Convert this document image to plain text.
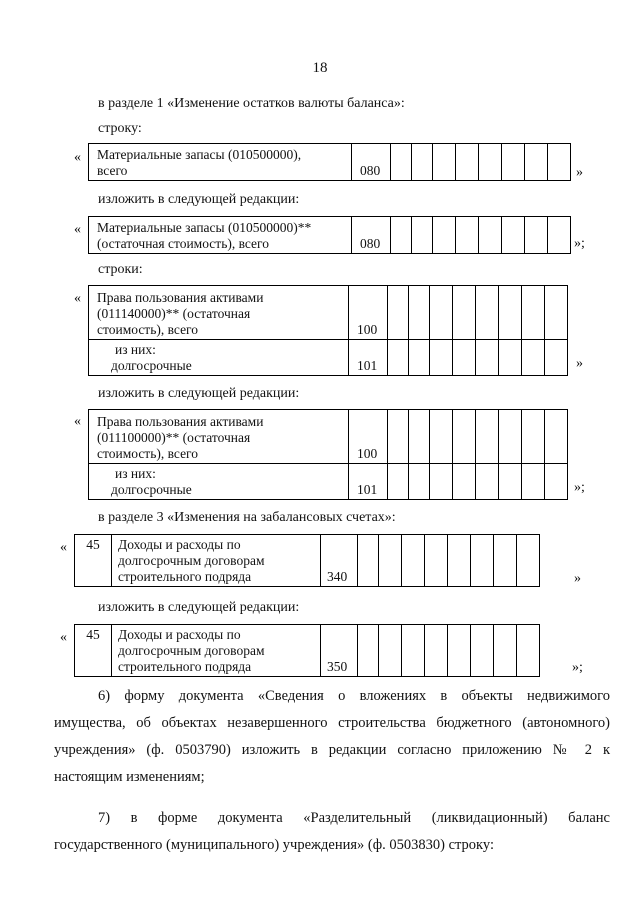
18
в разделе 1 «Изменение остатков валюты баланса»:
строку:
« Материальные запасы (010500000),
всего	080									»
изложить в следующей редакции:
« Материальные запасы (010500000)**
(остаточная стоимость), всего	080									»;
строки:
« Права пользования активами
(011140000)** (остаточная
стоимость), всего	100								

из них:
долгосрочные	101									»
изложить в следующей редакции:
« Права пользования активами
(011100000)** (остаточная
стоимость), всего	100								

из них:
долгосрочные	101									»;
в разделе 3 «Изменения на забалансовых счетах»:
« 45	Доходы и расходы по
долгосрочным договорам
строительного подряда	340									»
изложить в следующей редакции:
« 45	Доходы и расходы по
долгосрочным договорам
строительного подряда	350									»;
6) форму документа «Сведения о вложениях в объекты недвижимого
имущества, об объектах незавершенного строительства бюджетного (автономного)
учреждения» (ф. 0503790) изложить в редакции согласно приложению № 2 к
настоящим изменениям;
7) в форме документа «Разделительный (ликвидационный) баланс
государственного (муниципального) учреждения» (ф. 0503830) строку:
